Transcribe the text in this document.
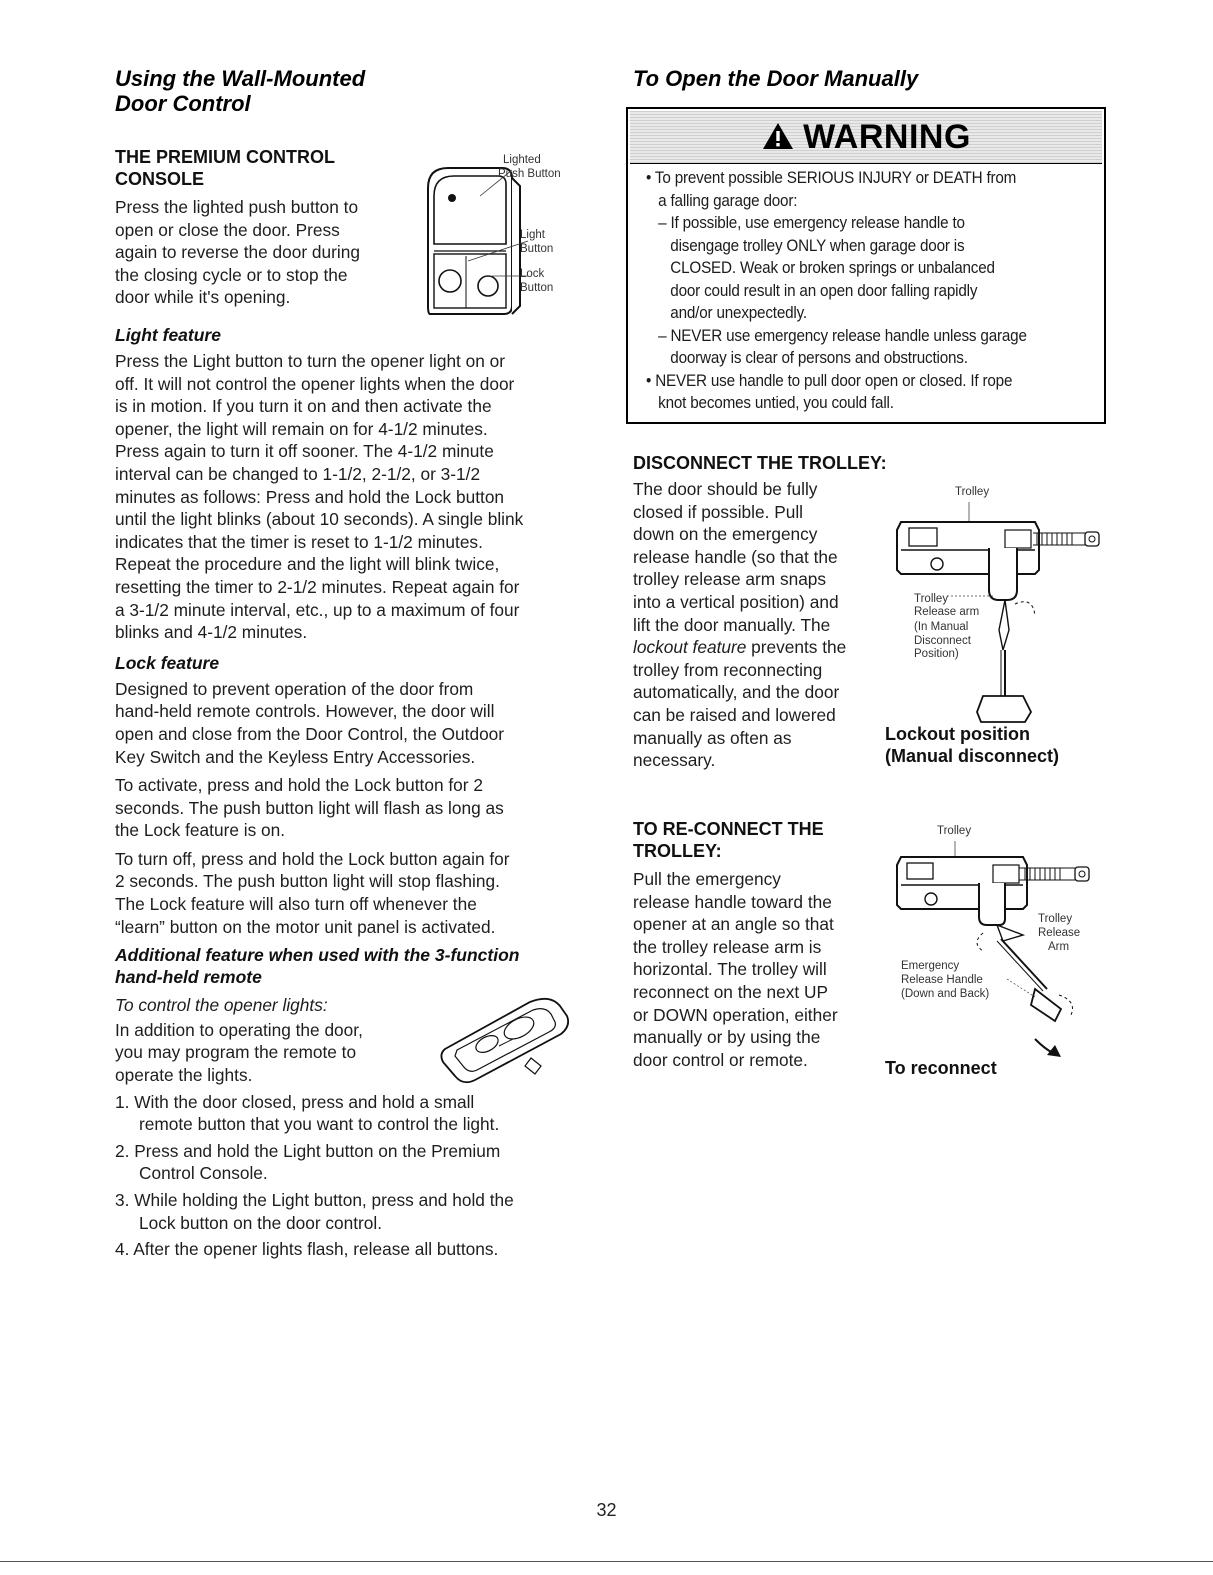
Using the Wall-Mounted
Door Control
THE PREMIUM CONTROL
CONSOLE

Press the lighted push button to

open or close the door. Press

again to reverse the door during

the closing cycle or to stop the

door while it's opening.

Lighted
Push Button
Light
Button
Lock
Button

Light feature

Press the Light button to turn the opener light on or

off. It will not control the opener lights when the door

is in motion. If you turn it on and then activate the

opener, the light will remain on for 4-1/2 minutes.

Press again to turn it off sooner. The 4-1/2 minute

interval can be changed to 1-1/2, 2-1/2, or 3-1/2

minutes as follows: Press and hold the Lock button

until the light blinks (about 10 seconds). A single blink

indicates that the timer is reset to 1-1/2 minutes.

Repeat the procedure and the light will blink twice,

resetting the timer to 2-1/2 minutes. Repeat again for

a 3-1/2 minute interval, etc., up to a maximum of four

blinks and 4-1/2 minutes.

Lock feature

Designed to prevent operation of the door from

hand-held remote controls. However, the door will

open and close from the Door Control, the Outdoor

Key Switch and the Keyless Entry Accessories.

To activate, press and hold the Lock button for 2

seconds. The push button light will flash as long as

the Lock feature is on.

To turn off, press and hold the Lock button again for

2 seconds. The push button light will stop flashing.

The Lock feature will also turn off whenever the

“learn” button on the motor unit panel is activated.

Additional feature when used with the 3-function
hand-held remote

To control the opener lights:

In addition to operating the door,

you may program the remote to

operate the lights.

1. With the door closed, press and hold a small
remote button that you want to control the light.

2. Press and hold the Light button on the Premium
Control Console.

3. While holding the Light button, press and hold the
Lock button on the door control.

4. After the opener lights flash, release all buttons.

To Open the Door Manually
WARNING
• To prevent possible SERIOUS INJURY or DEATH from
a falling garage door:
– If possible, use emergency release handle to
disengage trolley ONLY when garage door is
CLOSED. Weak or broken springs or unbalanced
door could result in an open door falling rapidly
and/or unexpectedly.
– NEVER use emergency release handle unless garage
doorway is clear of persons and obstructions.
• NEVER use handle to pull door open or closed. If rope
knot becomes untied, you could fall.

DISCONNECT THE TROLLEY:

The door should be fully

closed if possible. Pull

down on the emergency

release handle (so that the

trolley release arm snaps

into a vertical position) and

lift the door manually. The

lockout feature prevents the

trolley from reconnecting

automatically, and the door

can be raised and lowered

manually as often as

necessary.

Trolley
Trolley
Release arm
(In Manual
Disconnect
Position)

Lockout position

(Manual disconnect)

TO RE-CONNECT THE
TROLLEY:

Pull the emergency

release handle toward the

opener at an angle so that

the trolley release arm is

horizontal. The trolley will

reconnect on the next UP

or DOWN operation, either

manually or by using the

door control or remote.

Trolley
Trolley
Release
Arm
Emergency
Release Handle
(Down and Back)

To reconnect

32
